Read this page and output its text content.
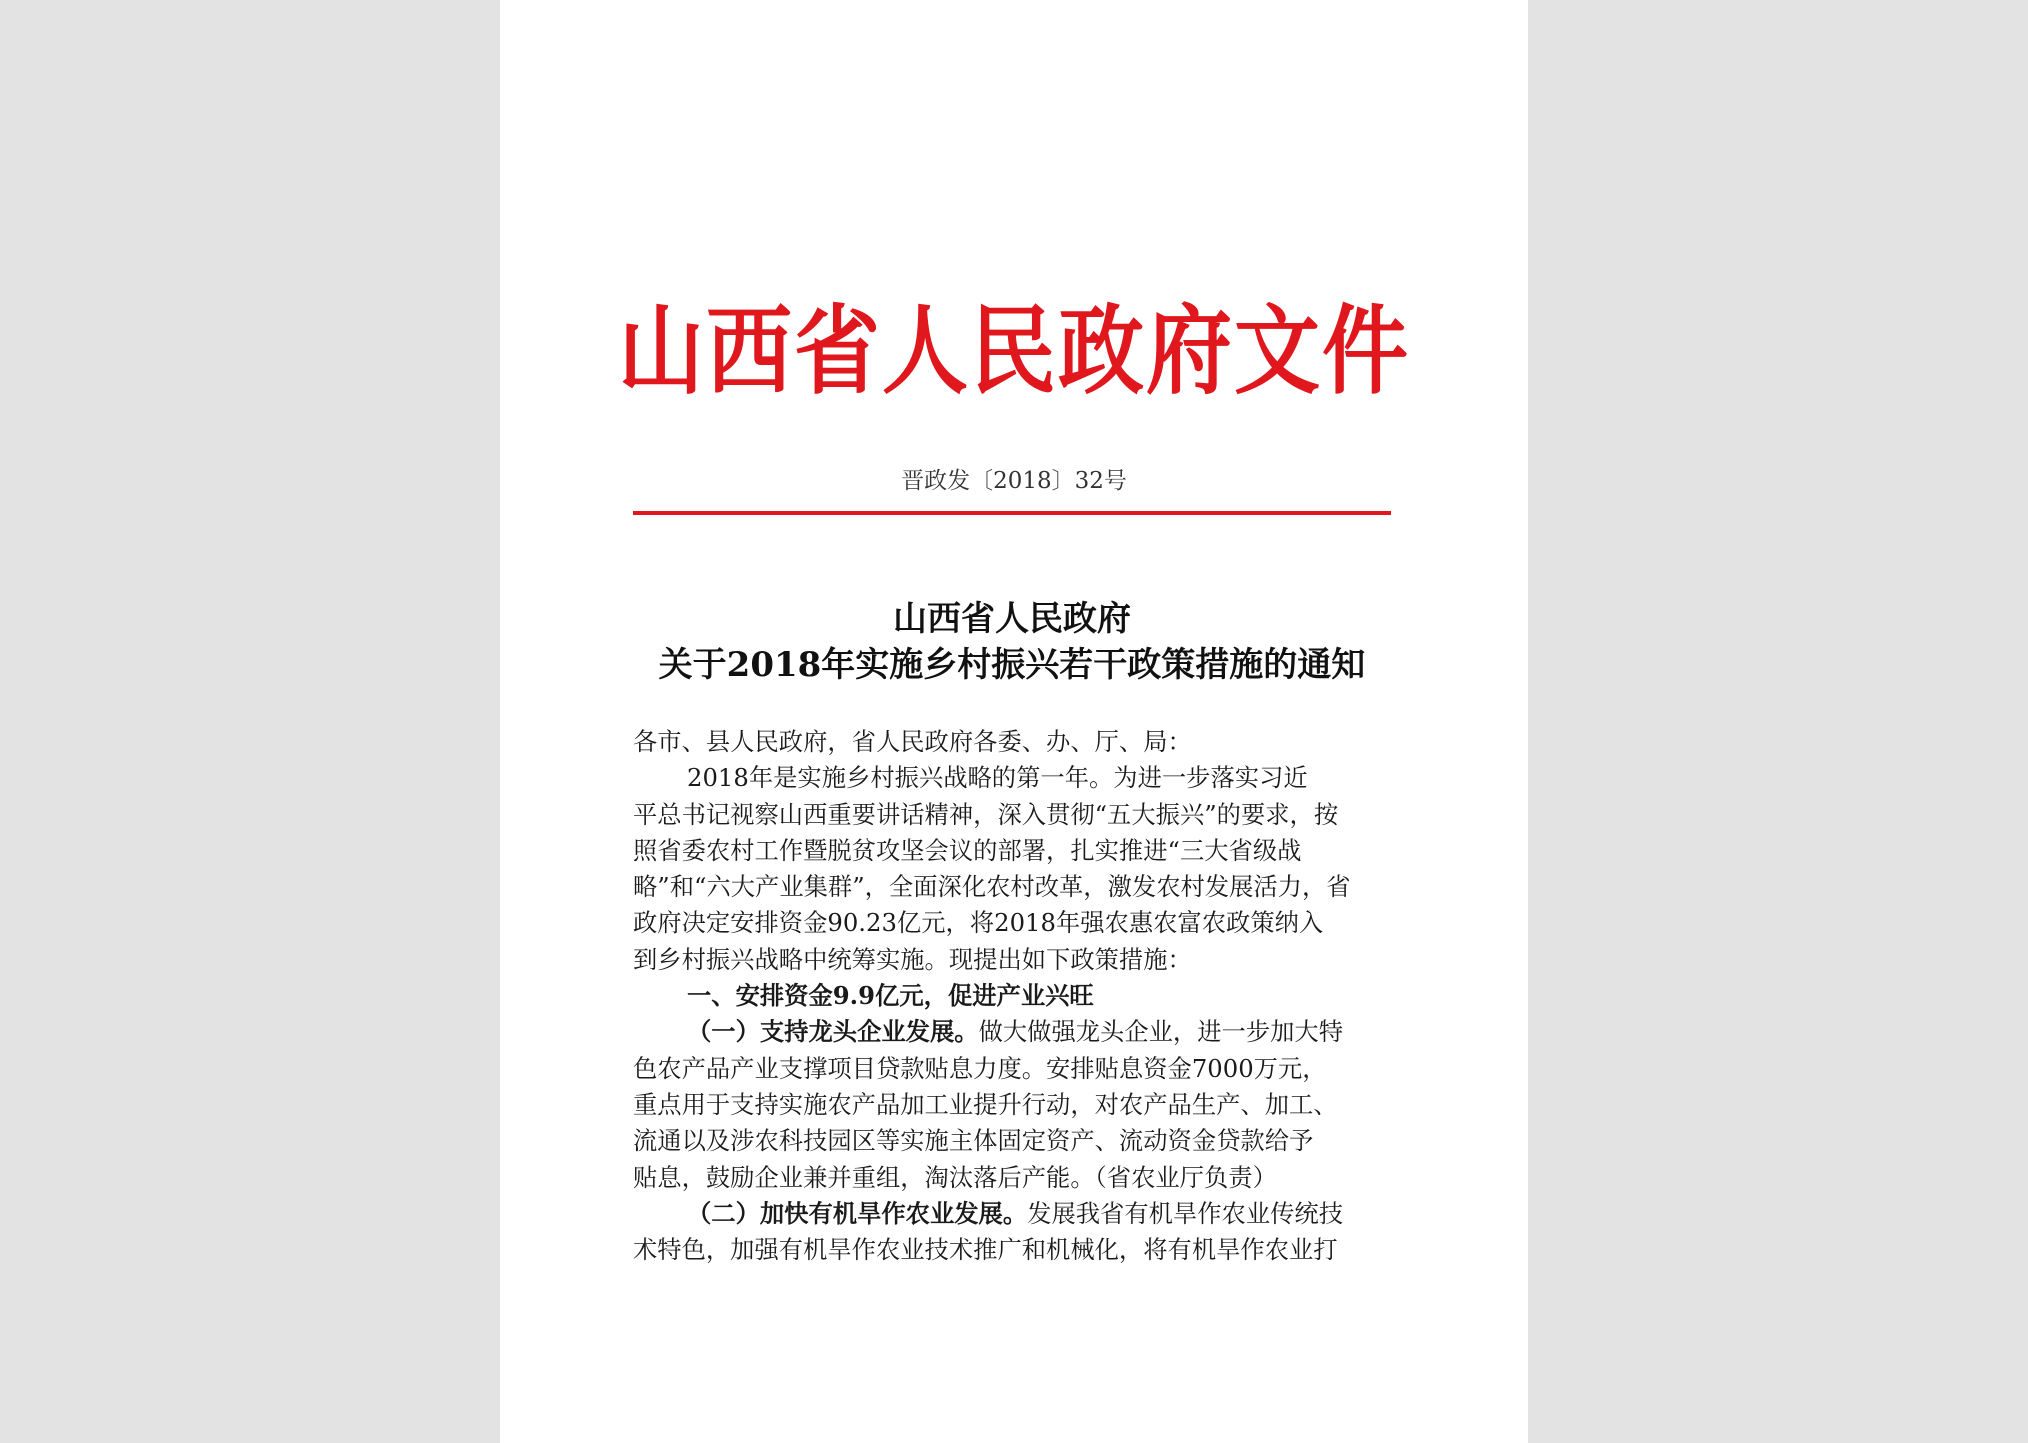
山西省人民政府文件
晋政发〔2018〕32号
山西省人民政府
关于2018年实施乡村振兴若干政策措施的通知
各市、县人民政府，省人民政府各委、办、厅、局：
2018年是实施乡村振兴战略的第一年。为进一步落实习近
平总书记视察山西重要讲话精神，深入贯彻“五大振兴”的要求，按
照省委农村工作暨脱贫攻坚会议的部署，扎实推进“三大省级战
略”和“六大产业集群”，全面深化农村改革，激发农村发展活力，省
政府决定安排资金90.23亿元，将2018年强农惠农富农政策纳入
到乡村振兴战略中统筹实施。现提出如下政策措施：
一、安排资金9.9亿元，促进产业兴旺
（一）支持龙头企业发展。做大做强龙头企业，进一步加大特
色农产品产业支撑项目贷款贴息力度。安排贴息资金7000万元，
重点用于支持实施农产品加工业提升行动，对农产品生产、加工、
流通以及涉农科技园区等实施主体固定资产、流动资金贷款给予
贴息，鼓励企业兼并重组，淘汰落后产能。（省农业厅负责）
（二）加快有机旱作农业发展。发展我省有机旱作农业传统技
术特色，加强有机旱作农业技术推广和机械化，将有机旱作农业打
